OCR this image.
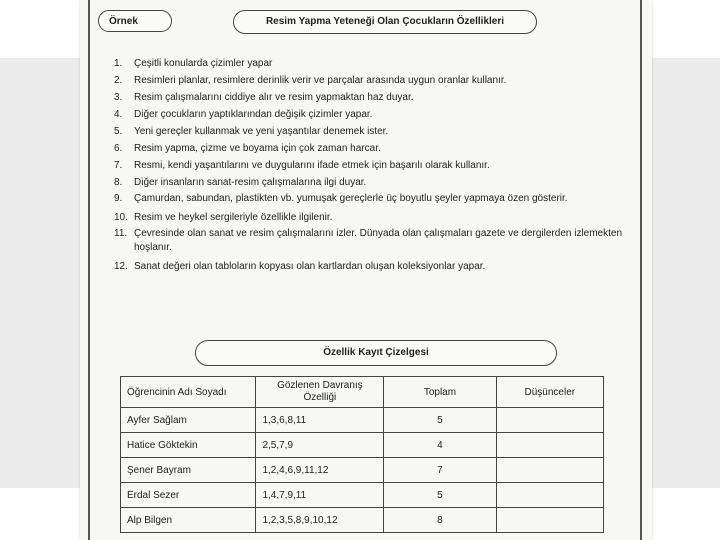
Örnek	Resim Yapma Yeteneği Olan Çocukların Özellikleri
1.	Çeşitli konularda çizimler yapar
2.	Resimleri planlar, resimlere derinlik verir ve parçalar arasında uygun oranlar kullanır.
3.	Resim çalışmalarını ciddiye alır ve resim yapmaktan haz duyar.
4.	Diğer çocukların yaptıklarından değişik çizimler yapar.
5.	Yeni gereçler kullanmak ve yeni yaşantılar denemek ister.
6.	Resim yapma, çizme ve boyama için çok zaman harcar.
7.	Resmi, kendi yaşantılarını ve duygularını ifade etmek için başarılı olarak kullanır.
8.	Diğer insanların sanat-resim çalışmalarına ilgi duyar.
9.	Çamurdan, sabundan, plastikten vb. yumuşak gereçlerle üç boyutlu şeyler yapmaya özen gösterir.
10. Resim ve heykel sergileriyle özellikle ilgilenir.
11. Çevresinde olan sanat ve resim çalışmalarını izler. Dünyada olan çalışmaları gazete ve dergilerden izlemekten hoşlanır.
12. Sanat değeri olan tabloların kopyası olan kartlardan oluşan koleksiyonlar yapar.
Özellik Kayıt Çizelgesi
Öğrencinin Adı Soyadı	Gözlenen Davranış Özelliği	Toplam	Düşünceler
Ayfer Sağlam	1,3,6,8,11	5	
Hatice Göktekin	2,5,7,9	4	
Şener Bayram	1,2,4,6,9,11,12	7	
Erdal Sezer	1,4,7,9,11	5	
Alp Bilgen	1,2,3,5,8,9,10,12	8	
